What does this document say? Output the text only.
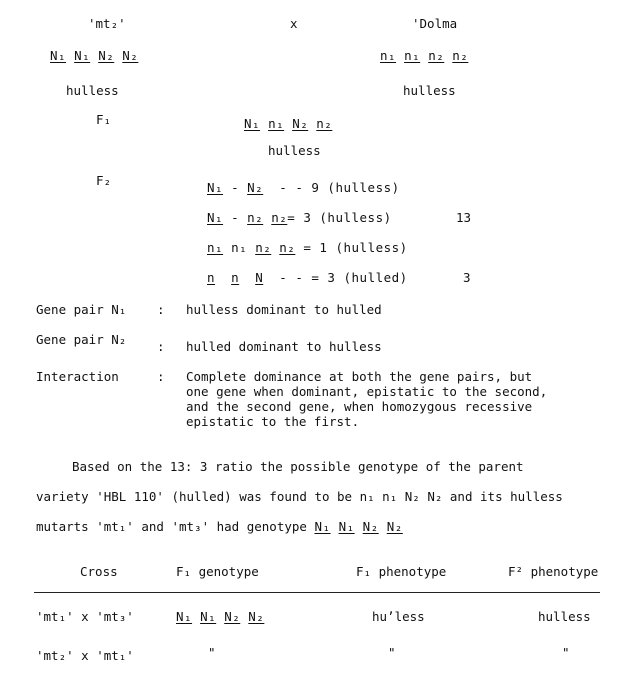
'mt₂'	x	'Dolma
N₁ N₁ N₂ N₂	n₁ n₁ n₂ n₂
hulless	hulless
F₁	N₁ n₁ N₂ n₂
hulless
F₂	N₁ - N₂ - - 9 (hulless)
N₁ - n₂ n₂= 3 (hulless)	13
n₁ n₁ n₂ n₂ = 1 (hulless)
n n N - - = 3 (hulled)	3
Gene pair N₁ : hulless dominant to hulled
Gene pair N₂ : hulled dominant to hulless
Interaction	: Complete dominance at both the gene pairs, but
one gene when dominant, epistatic to the second,
and the second gene, when homozygous recessive
epistatic to the first.
Based on the 13: 3 ratio the possible genotype of the parent
variety 'HBL 110' (hulled) was found to be n₁ n₁ N₂ N₂ and its hulless
mutarts 'mt₁' and 'mt₃' had genotype N₁ N₁ N₂ N₂
Cross	F₁ genotype	F₁ phenotype	F² phenotype
'mt₁' x 'mt₃'	N₁ N₁ N₂ N₂	huʼless	hulless
'mt₂' x 'mt₁'	"	"	"
